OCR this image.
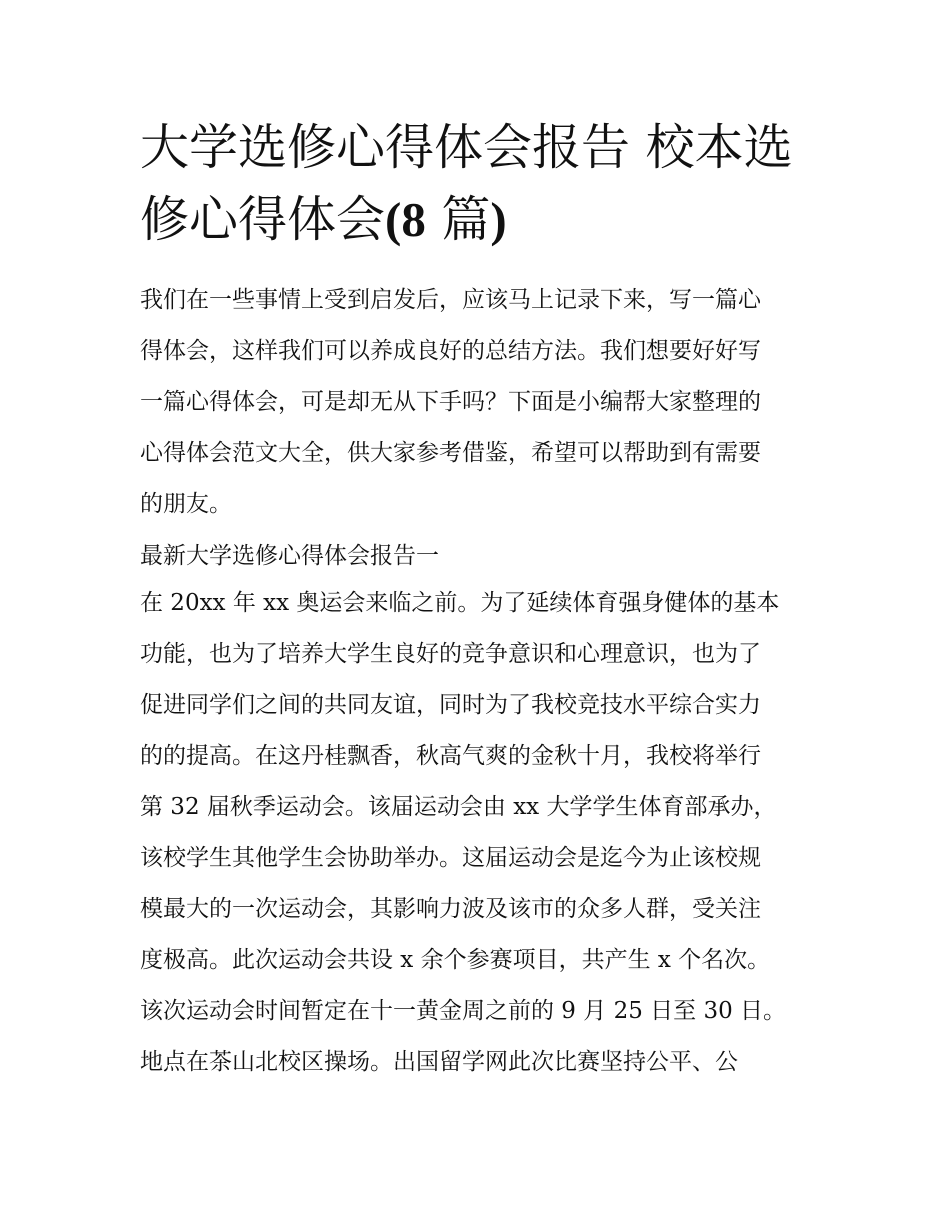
大学选修心得体会报告 校本选
修心得体会(8 篇)
我们在一些事情上受到启发后，应该马上记录下来，写一篇心
得体会，这样我们可以养成良好的总结方法。我们想要好好写
一篇心得体会，可是却无从下手吗？下面是小编帮大家整理的
心得体会范文大全，供大家参考借鉴，希望可以帮助到有需要
的朋友。
最新大学选修心得体会报告一
在 20xx 年 xx 奥运会来临之前。为了延续体育强身健体的基本
功能，也为了培养大学生良好的竞争意识和心理意识，也为了
促进同学们之间的共同友谊，同时为了我校竞技水平综合实力
的的提高。在这丹桂飘香，秋高气爽的金秋十月，我校将举行
第 32 届秋季运动会。该届运动会由 xx 大学学生体育部承办，
该校学生其他学生会协助举办。这届运动会是迄今为止该校规
模最大的一次运动会，其影响力波及该市的众多人群，受关注
度极高。此次运动会共设 x 余个参赛项目，共产生 x 个名次。
该次运动会时间暂定在十一黄金周之前的 9 月 25 日至 30 日。
地点在茶山北校区操场。出国留学网此次比赛坚持公平、公
